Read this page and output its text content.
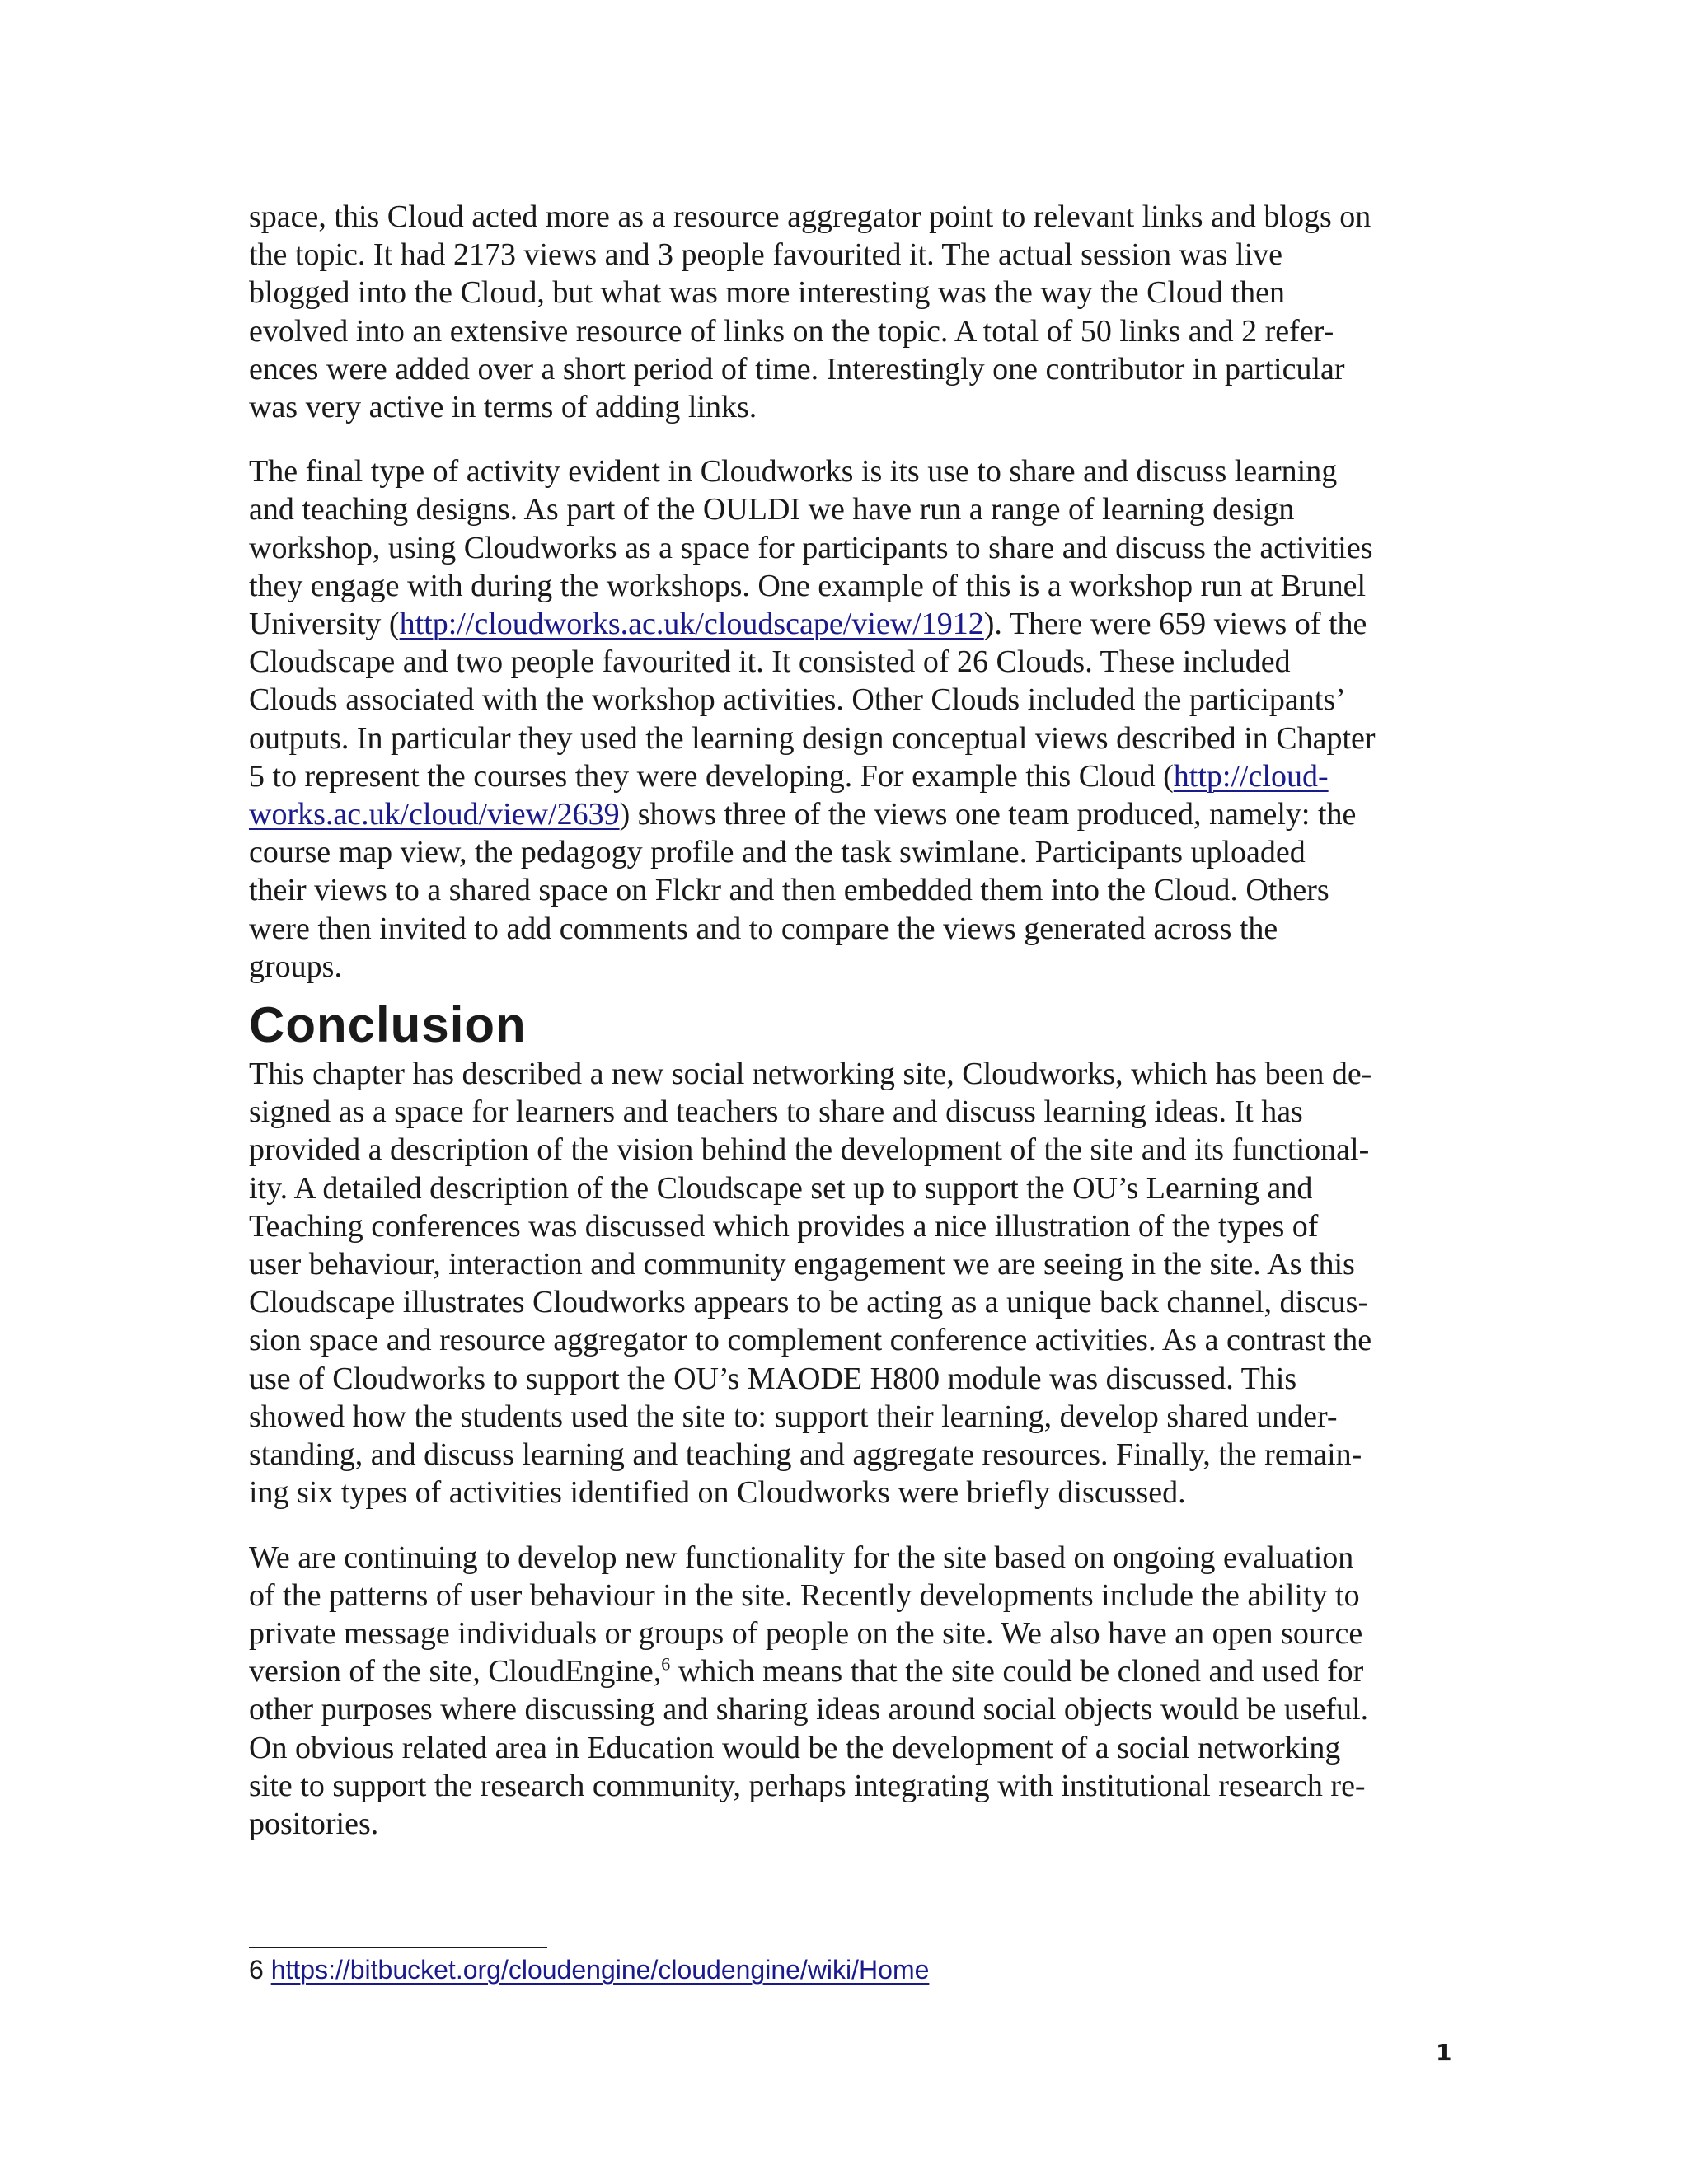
space, this Cloud acted more as a resource aggregator point to relevant links and blogs on
the topic. It had 2173 views and 3 people favourited it. The actual session was live
blogged into the Cloud, but what was more interesting was the way the Cloud then
evolved into an extensive resource of links on the topic. A total of 50 links and 2 refer-
ences were added over a short period of time. Interestingly one contributor in particular
was very active in terms of adding links.

The final type of activity evident in Cloudworks is its use to share and discuss learning
and teaching designs. As part of the OULDI we have run a range of learning design
workshop, using Cloudworks as a space for participants to share and discuss the activities
they engage with during the workshops. One example of this is a workshop run at Brunel
University (http://cloudworks.ac.uk/cloudscape/view/1912). There were 659 views of the
Cloudscape and two people favourited it. It consisted of 26 Clouds. These included
Clouds associated with the workshop activities. Other Clouds included the participants’
outputs. In particular they used the learning design conceptual views described in Chapter
5 to represent the courses they were developing. For example this Cloud (http://cloud-
works.ac.uk/cloud/view/2639) shows three of the views one team produced, namely: the
course map view, the pedagogy profile and the task swimlane. Participants uploaded
their views to a shared space on Flckr and then embedded them into the Cloud. Others
were then invited to add comments and to compare the views generated across the
groups.

Conclusion

This chapter has described a new social networking site, Cloudworks, which has been de-
signed as a space for learners and teachers to share and discuss learning ideas. It has
provided a description of the vision behind the development of the site and its functional-
ity. A detailed description of the Cloudscape set up to support the OU’s Learning and
Teaching conferences was discussed which provides a nice illustration of the types of
user behaviour, interaction and community engagement we are seeing in the site. As this
Cloudscape illustrates Cloudworks appears to be acting as a unique back channel, discus-
sion space and resource aggregator to complement conference activities. As a contrast the
use of Cloudworks to support the OU’s MAODE H800 module was discussed. This
showed how the students used the site to: support their learning, develop shared under-
standing, and discuss learning and teaching and aggregate resources. Finally, the remain-
ing six types of activities identified on Cloudworks were briefly discussed.

We are continuing to develop new functionality for the site based on ongoing evaluation
of the patterns of user behaviour in the site. Recently developments include the ability to
private message individuals or groups of people on the site. We also have an open source
version of the site, CloudEngine,$^6$ which means that the site could be cloned and used for
other purposes where discussing and sharing ideas around social objects would be useful.
On obvious related area in Education would be the development of a social networking
site to support the research community, perhaps integrating with institutional research re-
positories.

6 https://bitbucket.org/cloudengine/cloudengine/wiki/Home
1
